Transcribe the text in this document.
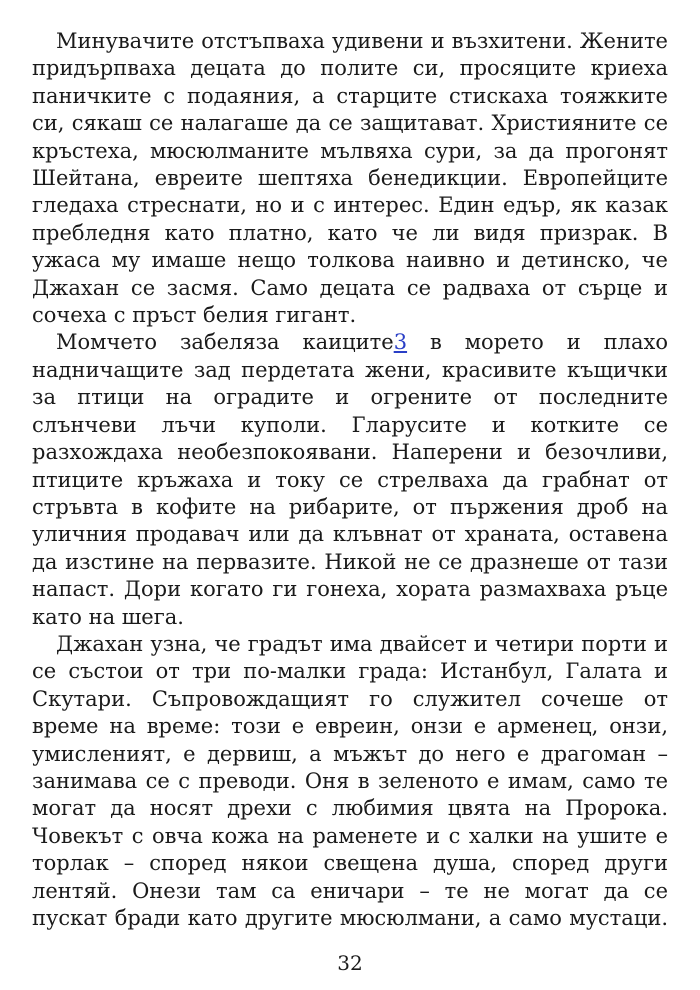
Минувачите отстъпваха удивени и възхитени. Жените придърпваха децата до полите си, просяците криеха паничките с подаяния, а старците стискаха тояжките си, сякаш се налагаше да се защитават. Християните се кръстеха, мюсюлманите мълвяха сури, за да прогонят Шейтана, евреите шептяха бенедикции. Европейците гледаха стреснати, но и с интерес. Един едър, як казак пребледня като платно, като че ли видя призрак. В ужаса му имаше нещо толкова наивно и детинско, че Джахан се засмя. Само децата се радваха от сърце и сочеха с пръст белия гигант.

Момчето забеляза каиците3 в морето и плахо надничащите зад пердетата жени, красивите къщички за птици на оградите и огрените от последните слънчеви лъчи куполи. Гларусите и котките се разхождаха необезпокоявани. Наперени и безочливи, птиците кръжаха и току се стрелваха да грабнат от стръвта в кофите на рибарите, от пържения дроб на уличния продавач или да клъвнат от храната, оставена да изстине на первазите. Никой не се дразнеше от тази напаст. Дори когато ги гонеха, хората размахваха ръце като на шега.

Джахан узна, че градът има двайсет и четири порти и се състои от три по-малки града: Истанбул, Галата и Скутари. Съпровождащият го служител сочеше от време на време: този е евреин, онзи е арменец, онзи, умисленият, е дервиш, а мъжът до него е драгоман – занимава се с преводи. Оня в зеленото е имам, само те могат да носят дрехи с любимия цвята на Пророка. Човекът с овча кожа на раменете и с халки на ушите е торлак – според някои свещена душа, според други лентяй. Онези там са еничари – те не могат да се пускат бради като другите мюсюлмани, а само мустаци.

32
